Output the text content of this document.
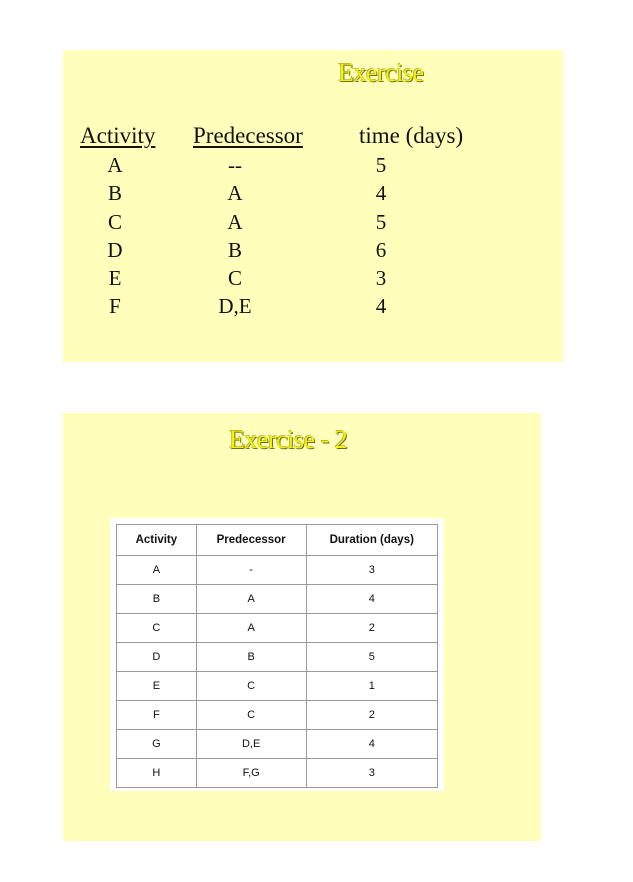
Exercise
Activity Predecessor time (days)
A	--	5
B	A	4
C	A	5
D	B	6
E	C	3
F	D,E	4
Exercise - 2
Activity	Predecessor	Duration (days)
A	-	3
B	A	4
C	A	2
D	B	5
E	C	1
F	C	2
G	D,E	4
H	F,G	3
